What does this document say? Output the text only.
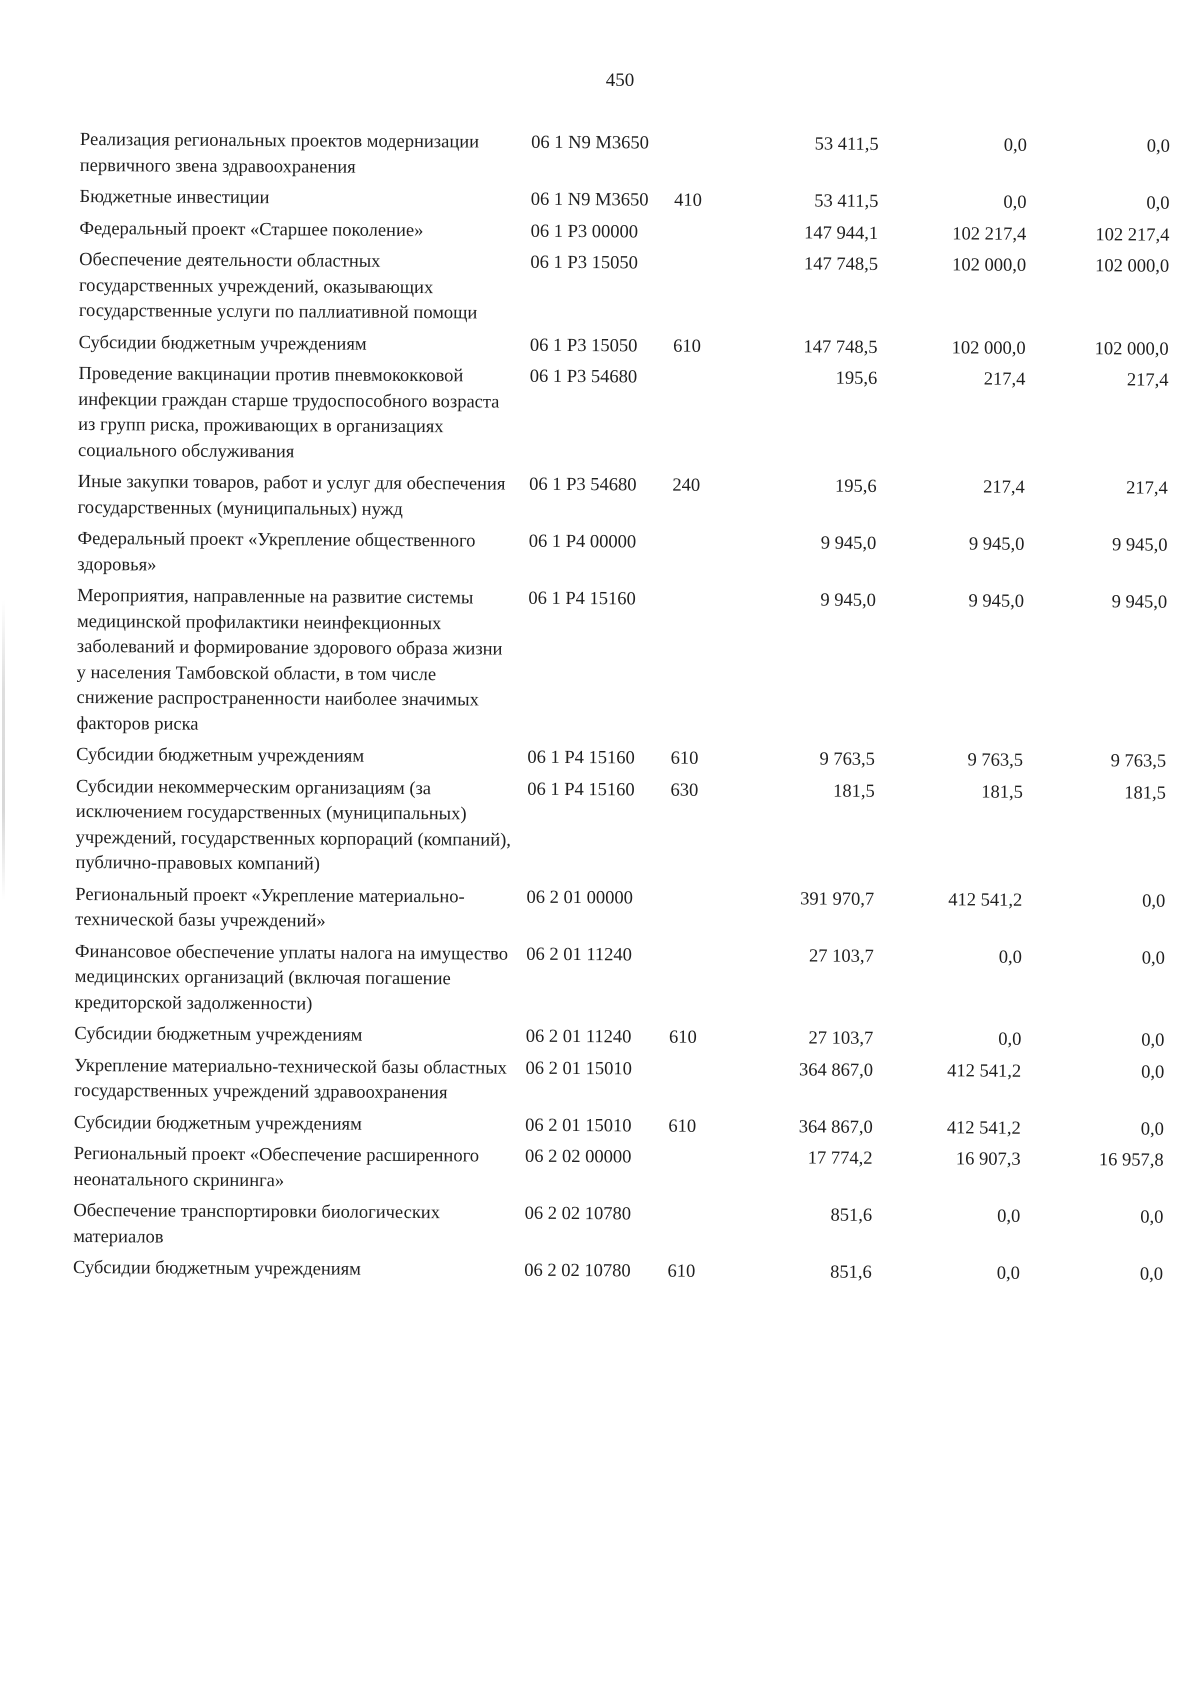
450
Реализация региональных проектов модернизации первичного звена здравоохранения	06 1 N9 M3650		53 411,5	0,0	0,0
Бюджетные инвестиции	06 1 N9 M3650	410	53 411,5	0,0	0,0
Федеральный проект «Старшее поколение»	06 1 P3 00000		147 944,1	102 217,4	102 217,4
Обеспечение деятельности областных государственных учреждений, оказывающих государственные услуги по паллиативной помощи	06 1 P3 15050		147 748,5	102 000,0	102 000,0
Субсидии бюджетным учреждениям	06 1 P3 15050	610	147 748,5	102 000,0	102 000,0
Проведение вакцинации против пневмококковой инфекции граждан старше трудоспособного возраста из групп риска, проживающих в организациях социального обслуживания	06 1 P3 54680		195,6	217,4	217,4
Иные закупки товаров, работ и услуг для обеспечения государственных (муниципальных) нужд	06 1 P3 54680	240	195,6	217,4	217,4
Федеральный проект «Укрепление общественного здоровья»	06 1 P4 00000		9 945,0	9 945,0	9 945,0
Мероприятия, направленные на развитие системы медицинской профилактики неинфекционных заболеваний и формирование здорового образа жизни у населения Тамбовской области, в том числе снижение распространенности наиболее значимых факторов риска	06 1 P4 15160		9 945,0	9 945,0	9 945,0
Субсидии бюджетным учреждениям	06 1 P4 15160	610	9 763,5	9 763,5	9 763,5
Субсидии некоммерческим организациям (за исключением государственных (муниципальных) учреждений, государственных корпораций (компаний), публично-правовых компаний)	06 1 P4 15160	630	181,5	181,5	181,5
Региональный проект «Укрепление материально-технической базы учреждений»	06 2 01 00000		391 970,7	412 541,2	0,0
Финансовое обеспечение уплаты налога на имущество медицинских организаций (включая погашение кредиторской задолженности)	06 2 01 11240		27 103,7	0,0	0,0
Субсидии бюджетным учреждениям	06 2 01 11240	610	27 103,7	0,0	0,0
Укрепление материально-технической базы областных государственных учреждений здравоохранения	06 2 01 15010		364 867,0	412 541,2	0,0
Субсидии бюджетным учреждениям	06 2 01 15010	610	364 867,0	412 541,2	0,0
Региональный проект «Обеспечение расширенного неонатального скрининга»	06 2 02 00000		17 774,2	16 907,3	16 957,8
Обеспечение транспортировки биологических материалов	06 2 02 10780		851,6	0,0	0,0
Субсидии бюджетным учреждениям	06 2 02 10780	610	851,6	0,0	0,0
